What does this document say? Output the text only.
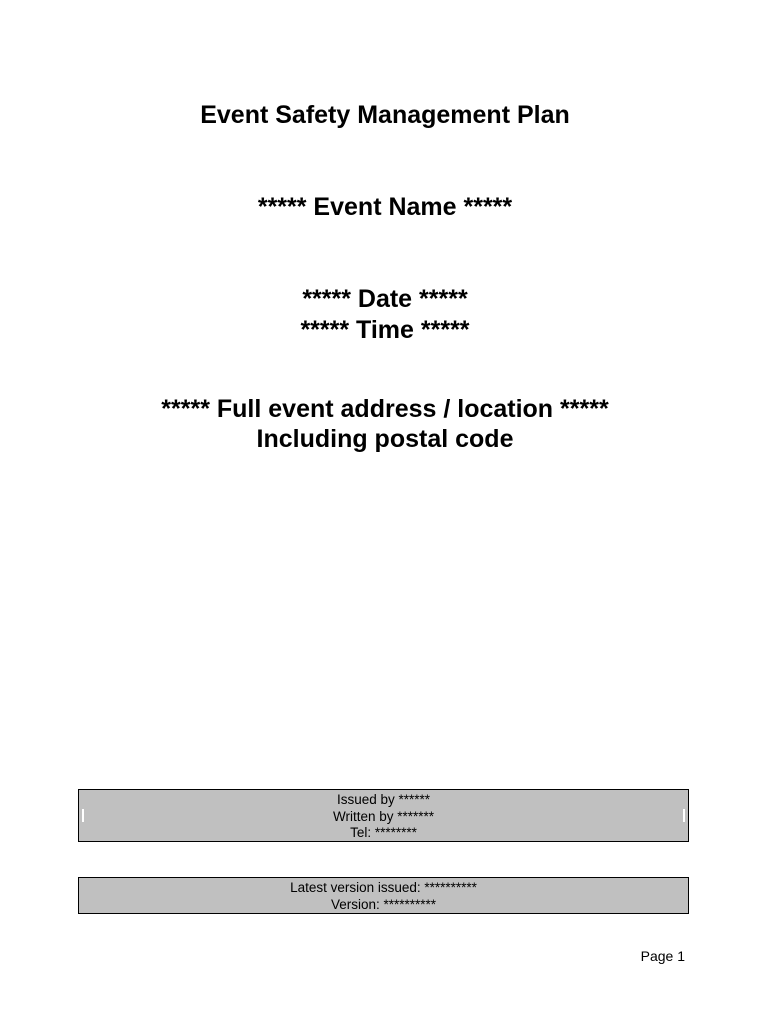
Event Safety Management Plan
***** Event Name *****
***** Date *****
***** Time *****
***** Full event address / location *****
Including postal code
Issued by ******
Written by *******
Tel: ********
Latest version issued: **********
Version: **********
Page 1
